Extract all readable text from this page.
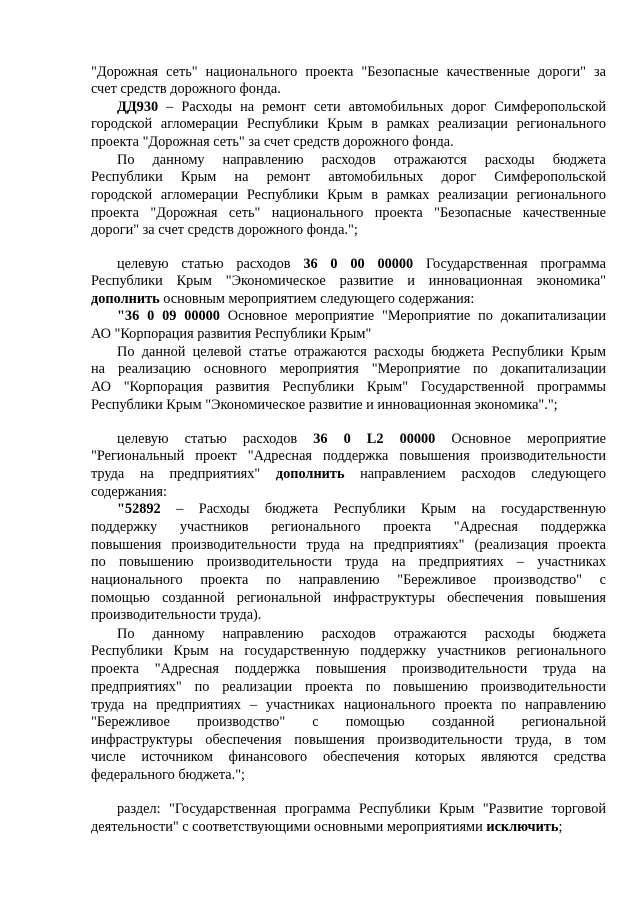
"Дорожная сеть" национального проекта "Безопасные качественные дороги" за
счет средств дорожного фонда.
ДД930 – Расходы на ремонт сети автомобильных дорог Симферопольской
городской агломерации Республики Крым в рамках реализации регионального
проекта "Дорожная сеть" за счет средств дорожного фонда.
По данному направлению расходов отражаются расходы бюджета
Республики Крым на ремонт автомобильных дорог Симферопольской
городской агломерации Республики Крым в рамках реализации регионального
проекта "Дорожная сеть" национального проекта "Безопасные качественные
дороги" за счет средств дорожного фонда.";
целевую статью расходов 36 0 00 00000 Государственная программа
Республики Крым "Экономическое развитие и инновационная экономика"
дополнить основным мероприятием следующего содержания:
"36 0 09 00000 Основное мероприятие "Мероприятие по докапитализации
АО "Корпорация развития Республики Крым"
По данной целевой статье отражаются расходы бюджета Республики Крым
на реализацию основного мероприятия "Мероприятие по докапитализации
АО "Корпорация развития Республики Крым" Государственной программы
Республики Крым "Экономическое развитие и инновационная экономика".";
целевую статью расходов 36 0 L2 00000 Основное мероприятие
"Региональный проект "Адресная поддержка повышения производительности
труда на предприятиях" дополнить направлением расходов следующего
содержания:
"52892 – Расходы бюджета Республики Крым на государственную
поддержку участников регионального проекта "Адресная поддержка
повышения производительности труда на предприятиях" (реализация проекта
по повышению производительности труда на предприятиях – участниках
национального проекта по направлению "Бережливое производство" с
помощью созданной региональной инфраструктуры обеспечения повышения
производительности труда).
По данному направлению расходов отражаются расходы бюджета
Республики Крым на государственную поддержку участников регионального
проекта "Адресная поддержка повышения производительности труда на
предприятиях" по реализации проекта по повышению производительности
труда на предприятиях – участниках национального проекта по направлению
"Бережливое производство" с помощью созданной региональной
инфраструктуры обеспечения повышения производительности труда, в том
числе источником финансового обеспечения которых являются средства
федерального бюджета.";
раздел: "Государственная программа Республики Крым "Развитие торговой
деятельности" с соответствующими основными мероприятиями исключить;
